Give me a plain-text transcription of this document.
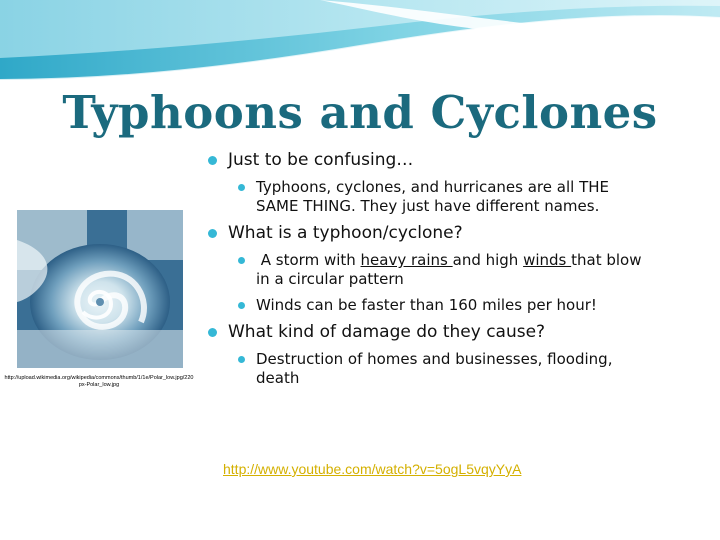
Typhoons and Cyclones
http://upload.wikimedia.org/wikipedia/commons/thumb/1/1e/Polar_low.jpg/220px-Polar_low.jpg
Just to be confusing…
Typhoons, cyclones, and hurricanes are all THE SAME THING. They just have different names.
What is a typhoon/cyclone?
A storm with heavy rains and high winds that blow in a circular pattern
Winds can be faster than 160 miles per hour!
What kind of damage do they cause?
Destruction of homes and businesses, flooding, death
http://www.youtube.com/watch?v=5ogL5vqyYyA
